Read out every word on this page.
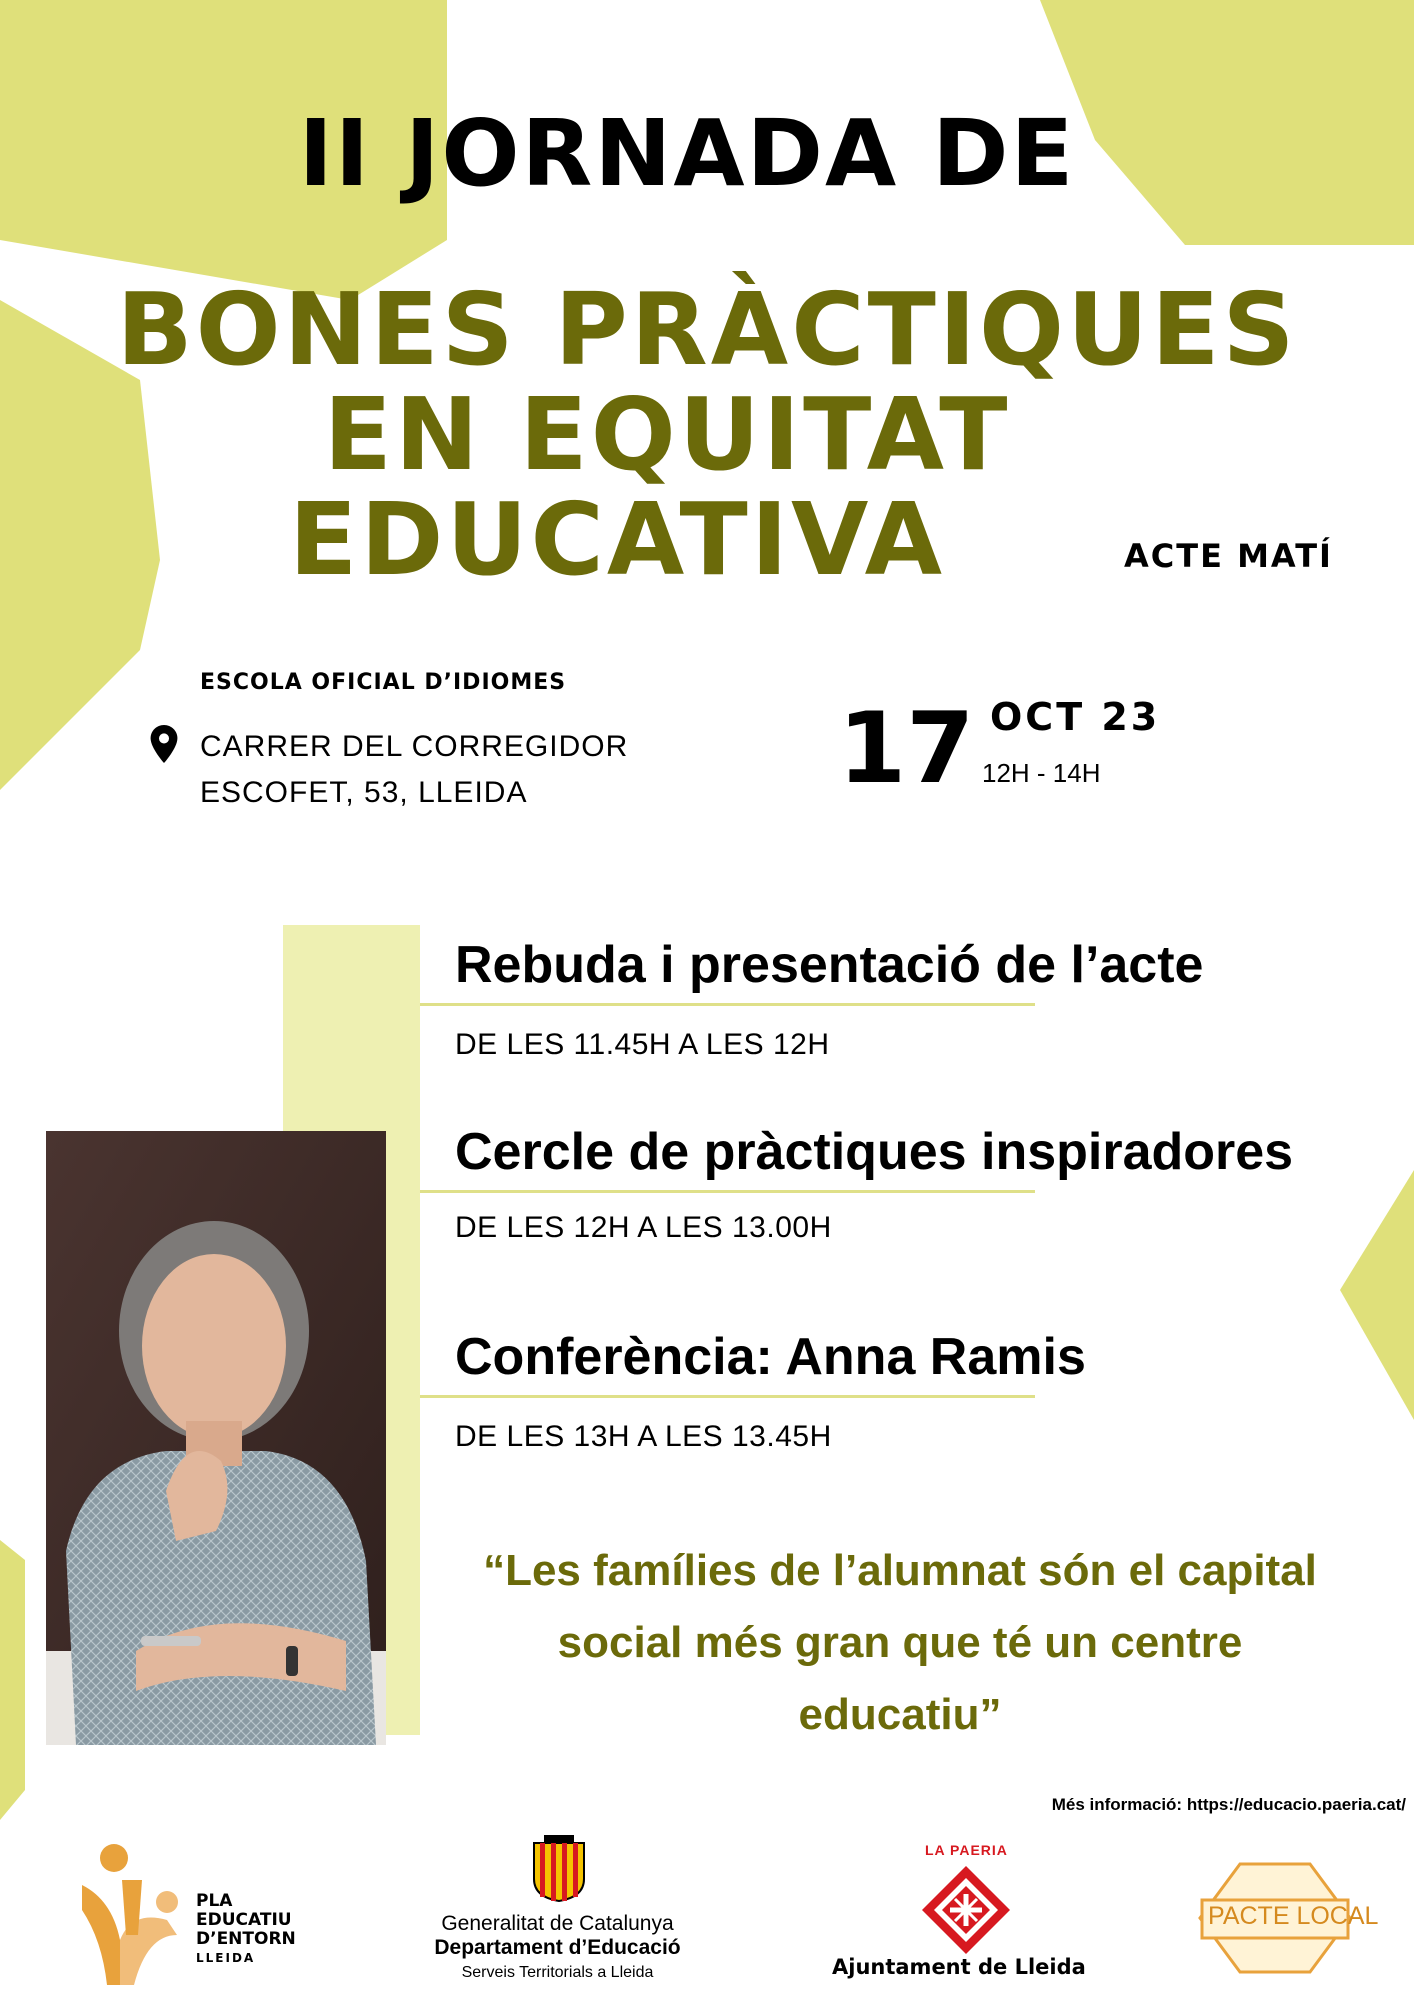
II JORNADA DE
BONES PRÀCTIQUES
EN EQUITAT
EDUCATIVA	ACTE MATÍ
ESCOLA OFICIAL D’IDIOMES
CARRER DEL CORREGIDOR
ESCOFET, 53, LLEIDA	17 OCT 23
12H - 14H
Rebuda i presentació de l’acte
DE LES 11.45H A LES 12H
Cercle de pràctiques inspiradores
DE LES 12H A LES 13.00H
Conferència: Anna Ramis
DE LES 13H A LES 13.45H
“Les famílies de l’alumnat són el capital
social més gran que té un centre
educatiu”
Més informació: https://educacio.paeria.cat/
PLA
EDUCATIU
D’ENTORN
LLEIDA
Generalitat de Catalunya
Departament d’Educació
Serveis Territorials a Lleida
LA PAERIA
Ajuntament de Lleida
PACTE LOCAL
